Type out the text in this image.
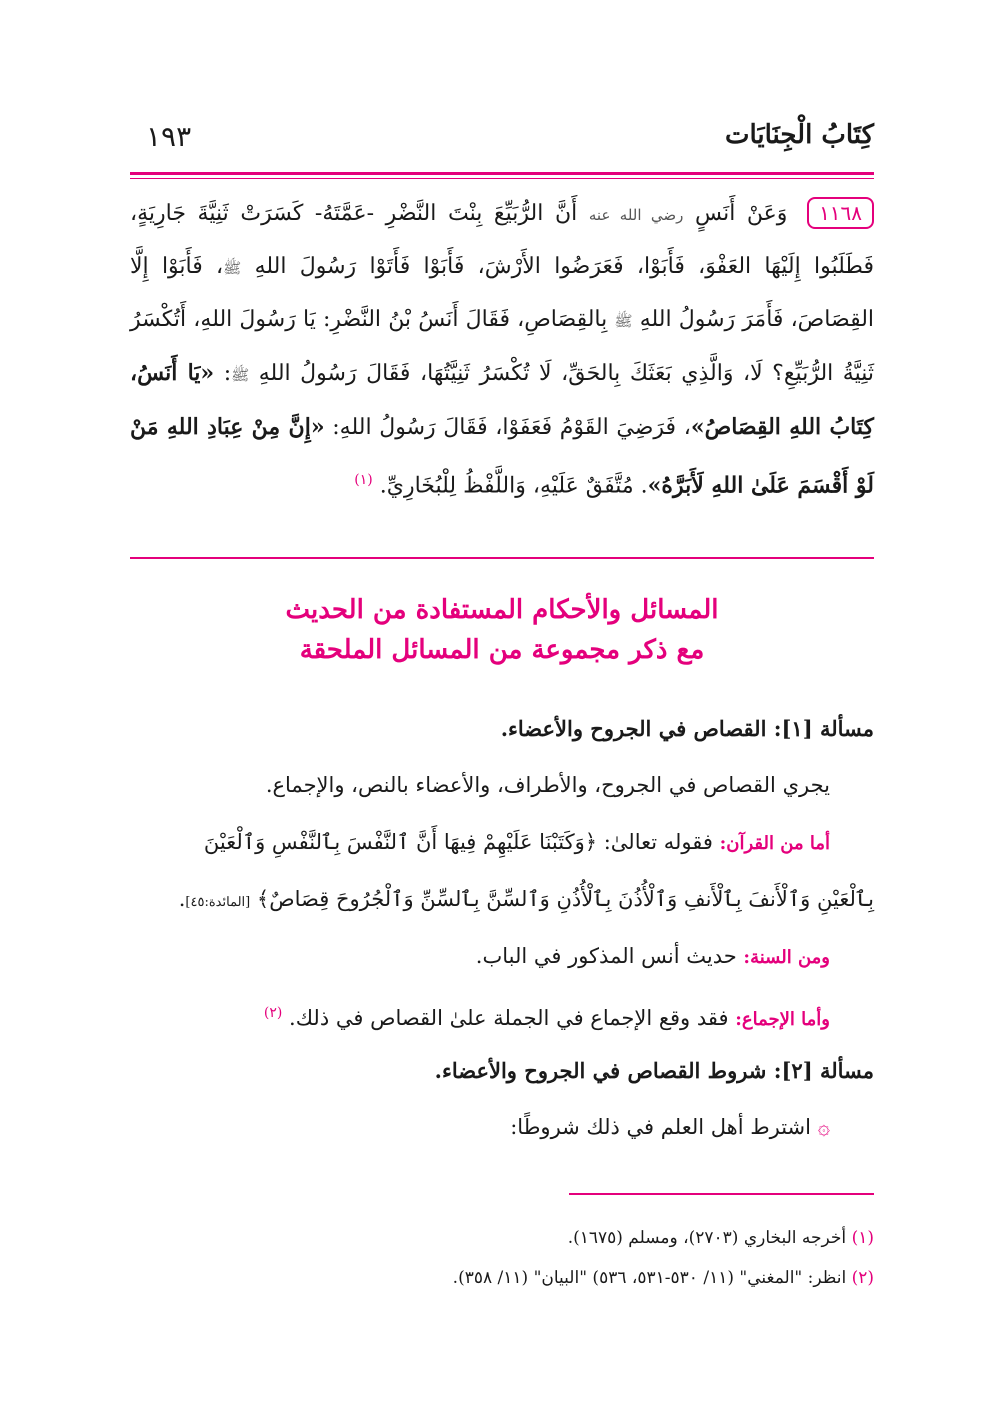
كِتَابُ الْجِنَايَات
١٩٣
١١٦٨ وَعَنْ أَنَسٍ رضي الله عنه أَنَّ الرُّبَيِّعَ بِنْتَ النَّضْرِ -عَمَّتَهُ- كَسَرَتْ ثَنِيَّةَ جَارِيَةٍ، فَطَلَبُوا إِلَيْهَا العَفْوَ، فَأَبَوْا، فَعَرَضُوا الأَرْشَ، فَأَبَوْا فَأَتَوْا رَسُولَ اللهِ ﷺ، فَأَبَوْا إِلَّا القِصَاصَ، فَأَمَرَ رَسُولُ اللهِ ﷺ بِالقِصَاصِ، فَقَالَ أَنَسُ بْنُ النَّضْرِ: يَا رَسُولَ اللهِ، أَتُكْسَرُ ثَنِيَّةُ الرُّبَيِّعِ؟ لَا، وَالَّذِي بَعَثَكَ بِالحَقِّ، لَا تُكْسَرُ ثَنِيَّتُهَا، فَقَالَ رَسُولُ اللهِ ﷺ: «يَا أَنَسُ، كِتَابُ اللهِ القِصَاصُ»، فَرَضِيَ القَوْمُ فَعَفَوْا، فَقَالَ رَسُولُ اللهِ: «إِنَّ مِنْ عِبَادِ اللهِ مَنْ لَوْ أَقْسَمَ عَلَىٰ اللهِ لَأَبَرَّهُ». مُتَّفَقٌ عَلَيْهِ، وَاللَّفْظُ لِلْبُخَارِيِّ. $^{(١)}$
المسائل والأحكام المستفادة من الحديث
مع ذكر مجموعة من المسائل الملحقة
مسألة [١]: القصاص في الجروح والأعضاء.
يجري القصاص في الجروح، والأطراف، والأعضاء بالنص، والإجماع.
أما من القرآن: فقوله تعالىٰ: ﴿وَكَتَبْنَا عَلَيْهِمْ فِيهَا أَنَّ ٱلنَّفْسَ بِٱلنَّفْسِ وَٱلْعَيْنَ
بِٱلْعَيْنِ وَٱلْأَنفَ بِٱلْأَنفِ وَٱلْأُذُنَ بِٱلْأُذُنِ وَٱلسِّنَّ بِٱلسِّنِّ وَٱلْجُرُوحَ قِصَاصٌ﴾ [المائدة:٤٥].
ومن السنة: حديث أنس المذكور في الباب.
وأما الإجماع: فقد وقع الإجماع في الجملة علىٰ القصاص في ذلك. $^{(٢)}$
مسألة [٢]: شروط القصاص في الجروح والأعضاء.
۞ اشترط أهل العلم في ذلك شروطًا:
(١) أخرجه البخاري (٢٧٠٣)، ومسلم (١٦٧٥).
(٢) انظر: "المغني" (١١/ ٥٣٠-٥٣١، ٥٣٦) "البيان" (١١/ ٣٥٨).
